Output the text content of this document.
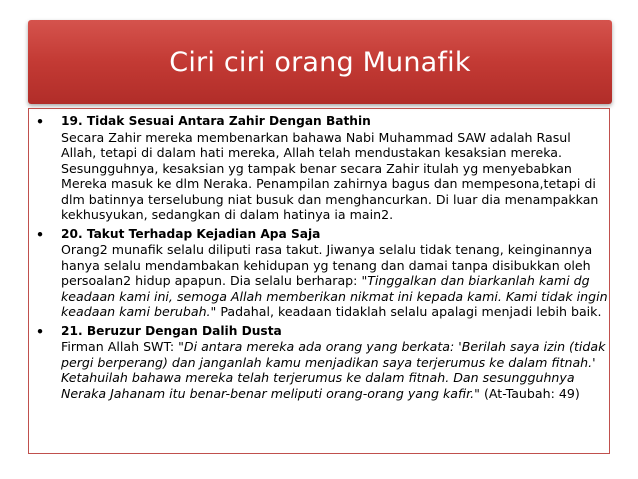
Ciri ciri orang Munafik
• 19. Tidak Sesuai Antara Zahir Dengan Bathin
Secara Zahir mereka membenarkan bahawa Nabi Muhammad SAW adalah Rasul Allah, tetapi di dalam hati mereka, Allah telah mendustakan kesaksian mereka. Sesungguhnya, kesaksian yg tampak benar secara Zahir itulah yg menyebabkan Mereka masuk ke dlm Neraka. Penampilan zahirnya bagus dan mempesona,tetapi di dlm batinnya terselubung niat busuk dan menghancurkan. Di luar dia menampakkan kekhusyukan, sedangkan di dalam hatinya ia main2.
• 20. Takut Terhadap Kejadian Apa Saja
Orang2 munafik selalu diliputi rasa takut. Jiwanya selalu tidak tenang, keinginannya hanya selalu mendambakan kehidupan yg tenang dan damai tanpa disibukkan oleh persoalan2 hidup apapun. Dia selalu berharap: "Tinggalkan dan biarkanlah kami dg keadaan kami ini, semoga Allah memberikan nikmat ini kepada kami. Kami tidak ingin keadaan kami berubah." Padahal, keadaan tidaklah selalu apalagi menjadi lebih baik.
• 21. Beruzur Dengan Dalih Dusta
Firman Allah SWT: "Di antara mereka ada orang yang berkata: 'Berilah saya izin (tidak pergi berperang) dan janganlah kamu menjadikan saya terjerumus ke dalam fitnah.' Ketahuilah bahawa mereka telah terjerumus ke dalam fitnah. Dan sesungguhnya Neraka Jahanam itu benar-benar meliputi orang-orang yang kafir." (At-Taubah: 49)
